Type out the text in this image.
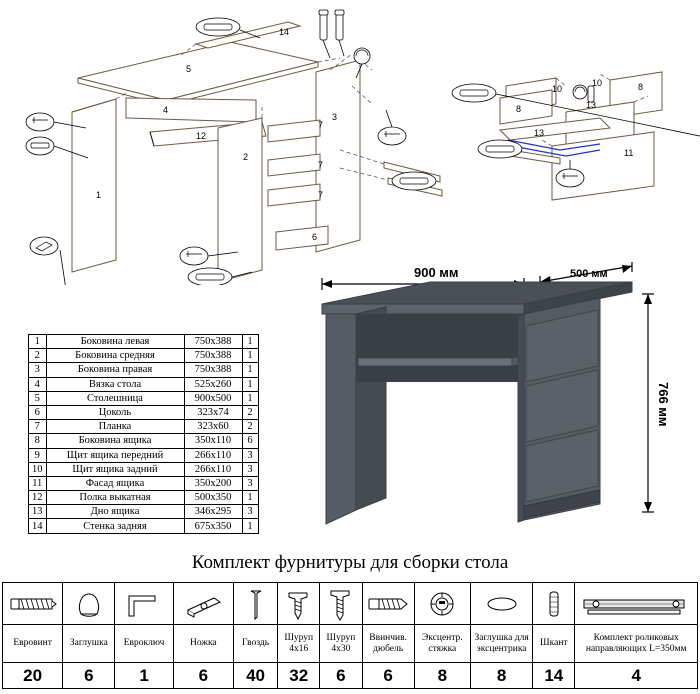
5
14
1
4
12
2
3
7
7
7
6
10
8
8
13
11
10
13
1	Боковина левая	750х388	1
2	Боковина средняя	750х388	1
3	Боковина правая	750х388	1
4	Вязка стола	525х260	1
5	Столешница	900х500	1
6	Цоколь	323х74	2
7	Планка	323х60	2
8	Боковина ящика	350х110	6
9	Щит ящика передний	266х110	3
10	Щит ящика задний	266х110	3
11	Фасад ящика	350х200	3
12	Полка выкатная	500х350	1
13	Дно ящика	346х295	3
14	Стенка задняя	675х350	1
900 мм	500 мм
766 мм
Комплект фурнитуры для сборки стола

Евровинт	Заглушка	Евроключ	Ножка	Гвоздь	Шуруп 4х16	Шуруп 4х30	Ввинчив. дюбель	Эксцентр. стяжка	Заглушка для эксцентрика	Шкант	Комплект роликовых направляющих L=350мм
20	6	1	6	40	32	6	6	8	8	14	4
